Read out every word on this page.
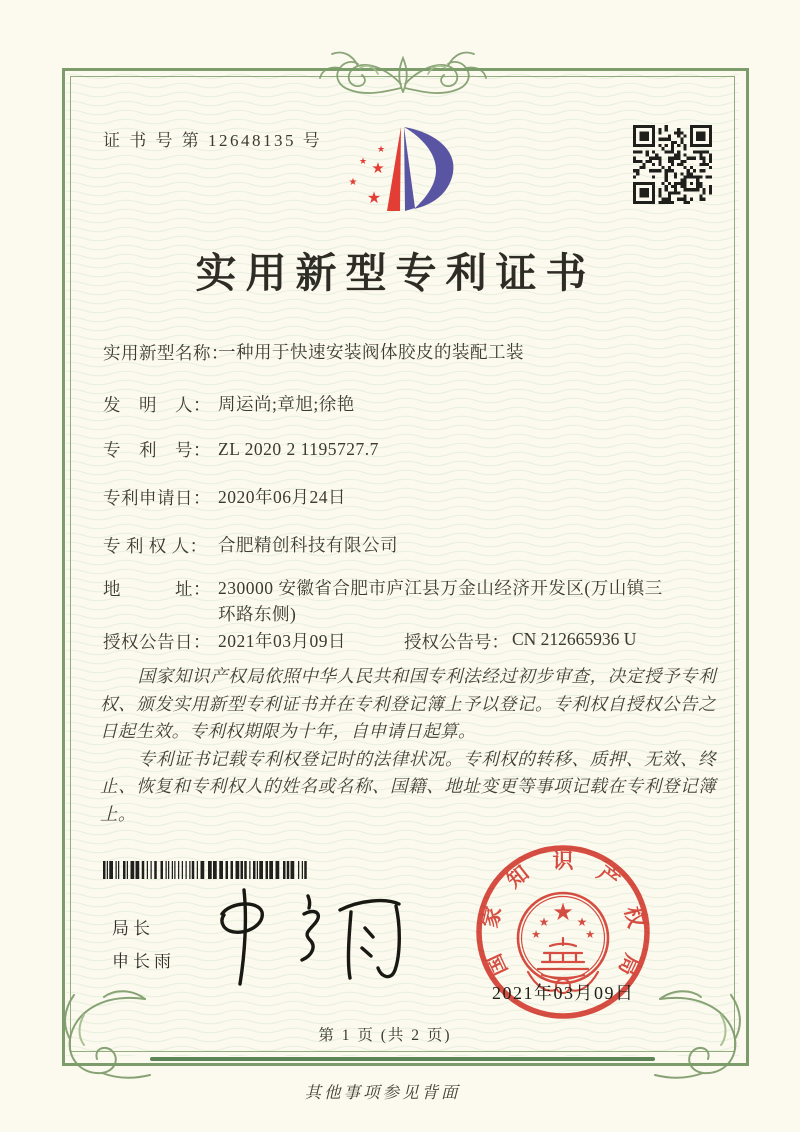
证 书 号 第 12648135 号	★
★ ★
★
★
实用新型专利证书
实用新型名称：
一种用于快速安装阀体胶皮的装配工装
发　明　人： 周运尚;章旭;徐艳
专　利　号： ZL 2020 2 1195727.7
专利申请日： 2020年06月24日
专 利 权 人： 合肥精创科技有限公司
地　　　址： 230000 安徽省合肥市庐江县万金山经济开发区(万山镇三环路东侧)
授权公告日： 2021年03月09日	授权公告号： CN 212665936 U

国家知识产权局依照中华人民共和国专利法经过初步审查，决定授予专利权、颁发实用新型专利证书并在专利登记簿上予以登记。专利权自授权公告之日起生效。专利权期限为十年，自申请日起算。

专利证书记载专利权登记时的法律状况。专利权的转移、质押、无效、终止、恢复和专利权人的姓名或名称、国籍、地址变更等事项记载在专利登记簿上。

局长
申长雨	国
家
知 识 产
权
局
★
★ ★
★	★
2021年03月09日
第 1 页 (共 2 页)
其他事项参见背面
